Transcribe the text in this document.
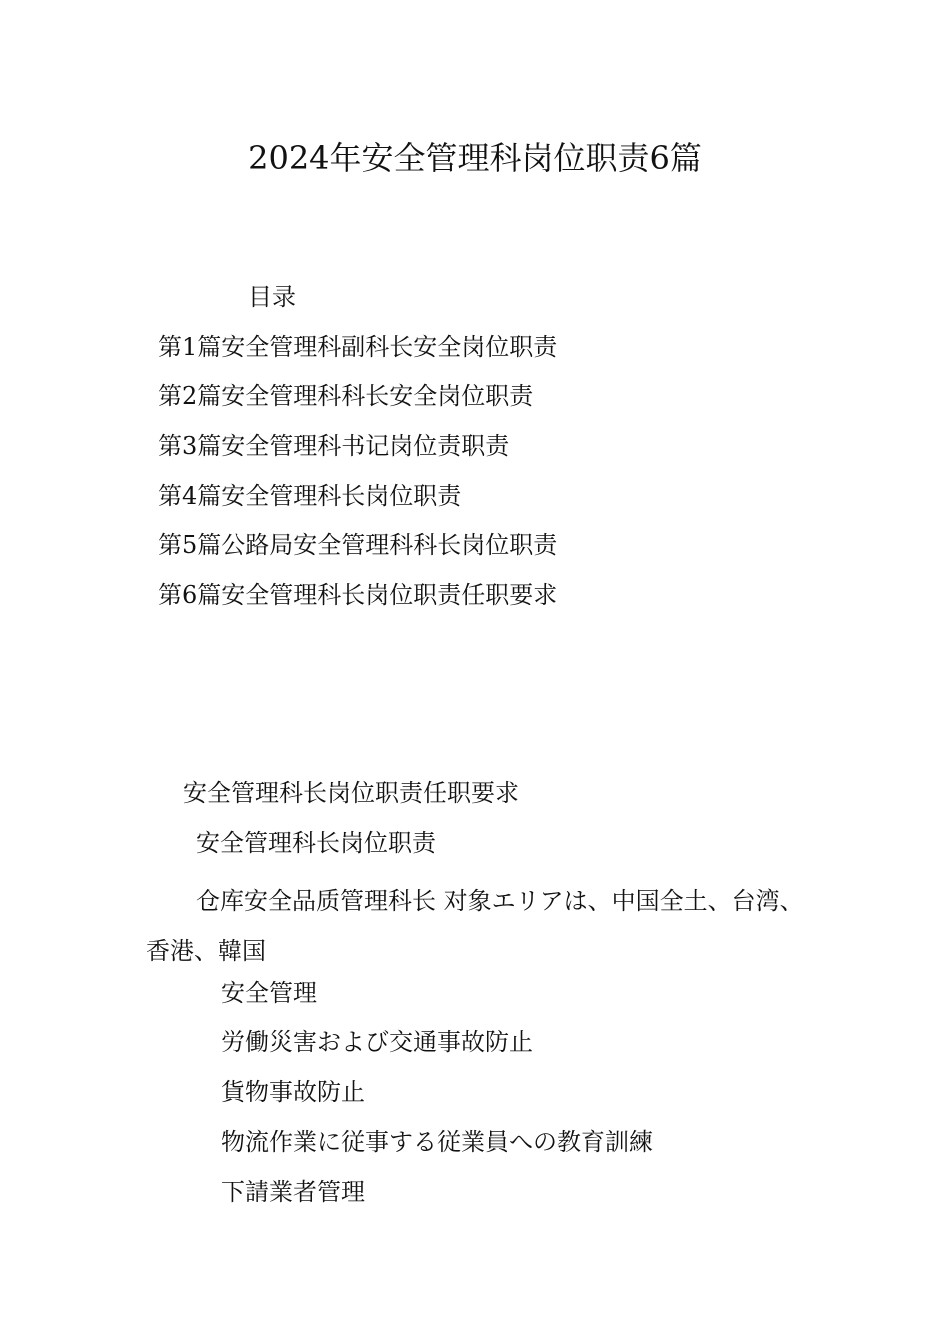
2024年安全管理科岗位职责6篇
目录
第1篇安全管理科副科长安全岗位职责
第2篇安全管理科科长安全岗位职责
第3篇安全管理科书记岗位责职责
第4篇安全管理科长岗位职责
第5篇公路局安全管理科科长岗位职责
第6篇安全管理科长岗位职责任职要求
安全管理科长岗位职责任职要求
安全管理科长岗位职责
仓库安全品质管理科长 对象エリアは、中国全土、台湾、香港、韓国
安全管理
労働災害および交通事故防止
貨物事故防止
物流作業に従事する従業員への教育訓練
下請業者管理
